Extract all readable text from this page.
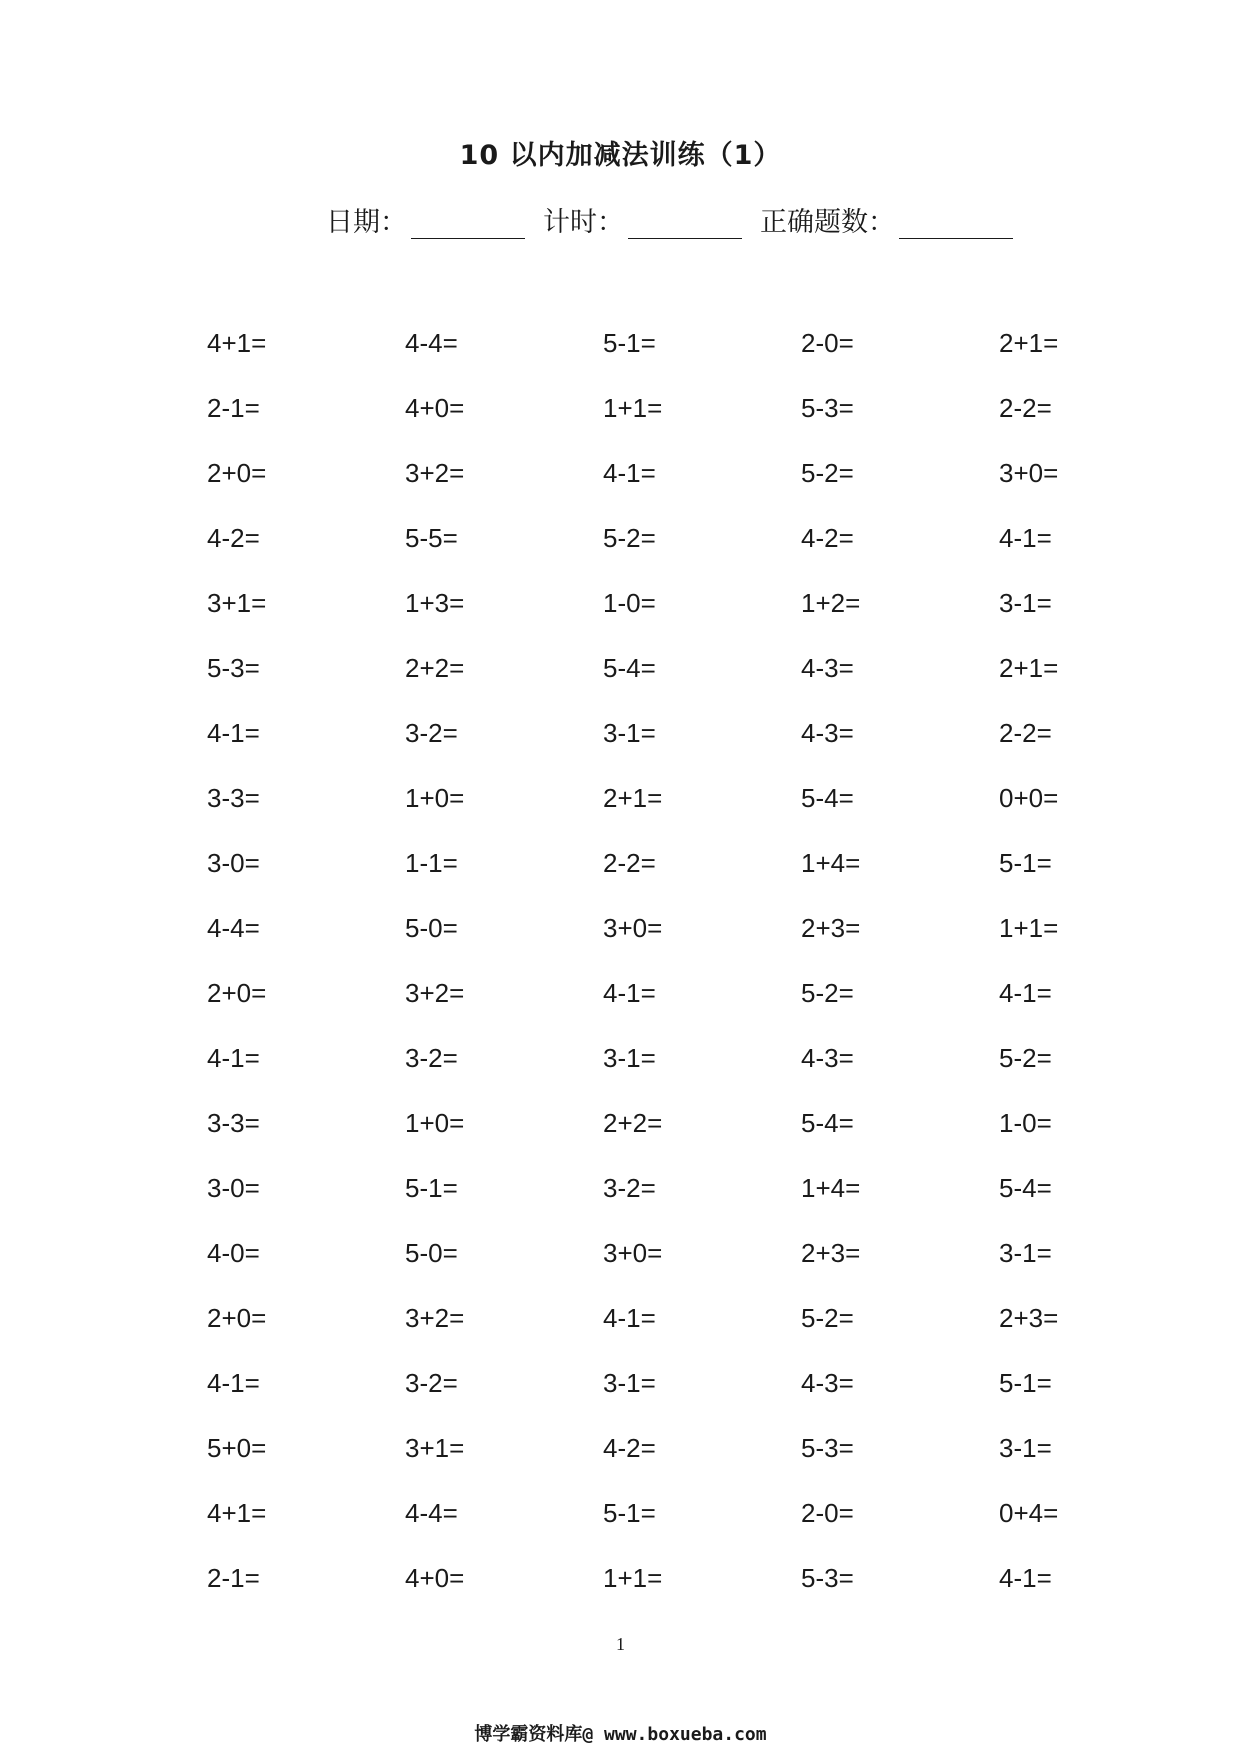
10 以内加减法训练（1）
日期：	计时：	正确题数：
4+1=	4-4=	5-1=	2-0=	2+1=
2-1=	4+0=	1+1=	5-3=	2-2=
2+0=	3+2=	4-1=	5-2=	3+0=
4-2=	5-5=	5-2=	4-2=	4-1=
3+1=	1+3=	1-0=	1+2=	3-1=
5-3=	2+2=	5-4=	4-3=	2+1=
4-1=	3-2=	3-1=	4-3=	2-2=
3-3=	1+0=	2+1=	5-4=	0+0=
3-0=	1-1=	2-2=	1+4=	5-1=
4-4=	5-0=	3+0=	2+3=	1+1=
2+0=	3+2=	4-1=	5-2=	4-1=
4-1=	3-2=	3-1=	4-3=	5-2=
3-3=	1+0=	2+2=	5-4=	1-0=
3-0=	5-1=	3-2=	1+4=	5-4=
4-0=	5-0=	3+0=	2+3=	3-1=
2+0=	3+2=	4-1=	5-2=	2+3=
4-1=	3-2=	3-1=	4-3=	5-1=
5+0=	3+1=	4-2=	5-3=	3-1=
4+1=	4-4=	5-1=	2-0=	0+4=
2-1=	4+0=	1+1=	5-3=	4-1=
1
博学霸资料库@ www.boxueba.com
